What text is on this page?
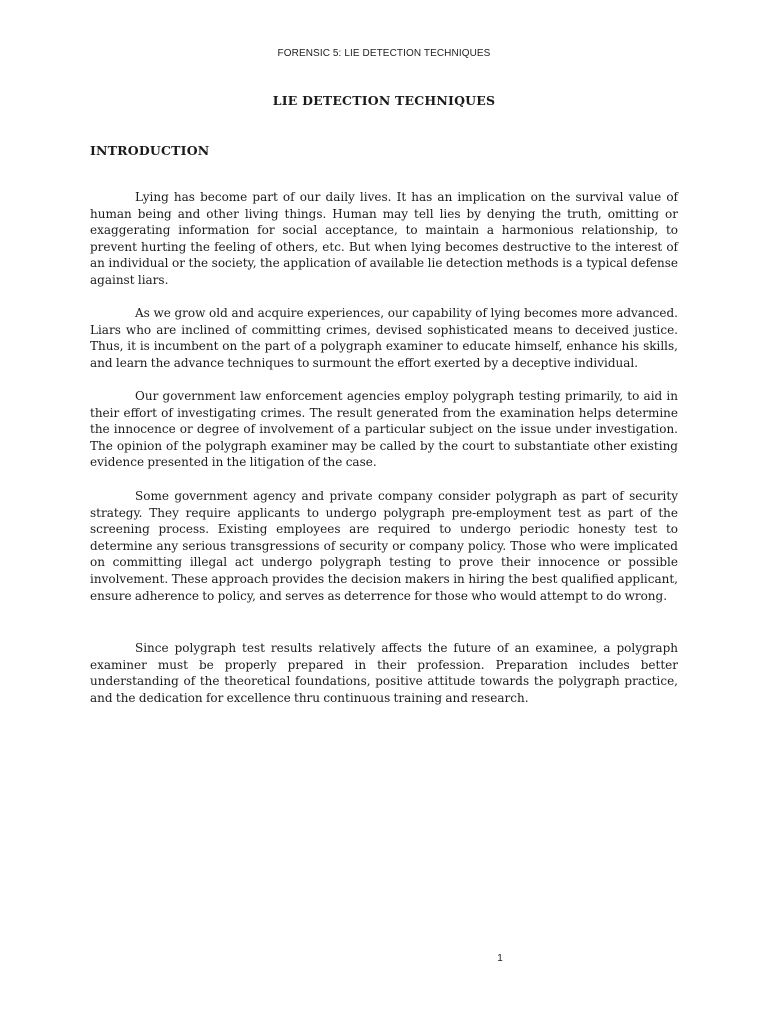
FORENSIC 5: LIE DETECTION TECHNIQUES
LIE DETECTION TECHNIQUES
INTRODUCTION

Lying has become part of our daily lives. It has an implication on the survival value of human being and other living things. Human may tell lies by denying the truth, omitting or exaggerating information for social acceptance, to maintain a harmonious relationship, to prevent hurting the feeling of others, etc. But when lying becomes destructive to the interest of an individual or the society, the application of available lie detection methods is a typical defense against liars.

As we grow old and acquire experiences, our capability of lying becomes more advanced. Liars who are inclined of committing crimes, devised sophisticated means to deceived justice. Thus, it is incumbent on the part of a polygraph examiner to educate himself, enhance his skills, and learn the advance techniques to surmount the effort exerted by a deceptive individual.

Our government law enforcement agencies employ polygraph testing primarily, to aid in their effort of investigating crimes. The result generated from the examination helps determine the innocence or degree of involvement of a particular subject on the issue under investigation. The opinion of the polygraph examiner may be called by the court to substantiate other existing evidence presented in the litigation of the case.

Some government agency and private company consider polygraph as part of security strategy. They require applicants to undergo polygraph pre-employment test as part of the screening process. Existing employees are required to undergo periodic honesty test to determine any serious transgressions of security or company policy. Those who were implicated on committing illegal act undergo polygraph testing to prove their innocence or possible involvement. These approach provides the decision makers in hiring the best qualified applicant, ensure adherence to policy, and serves as deterrence for those who would attempt to do wrong.

Since polygraph test results relatively affects the future of an examinee, a polygraph examiner must be properly prepared in their profession. Preparation includes better understanding of the theoretical foundations, positive attitude towards the polygraph practice, and the dedication for excellence thru continuous training and research.

1
